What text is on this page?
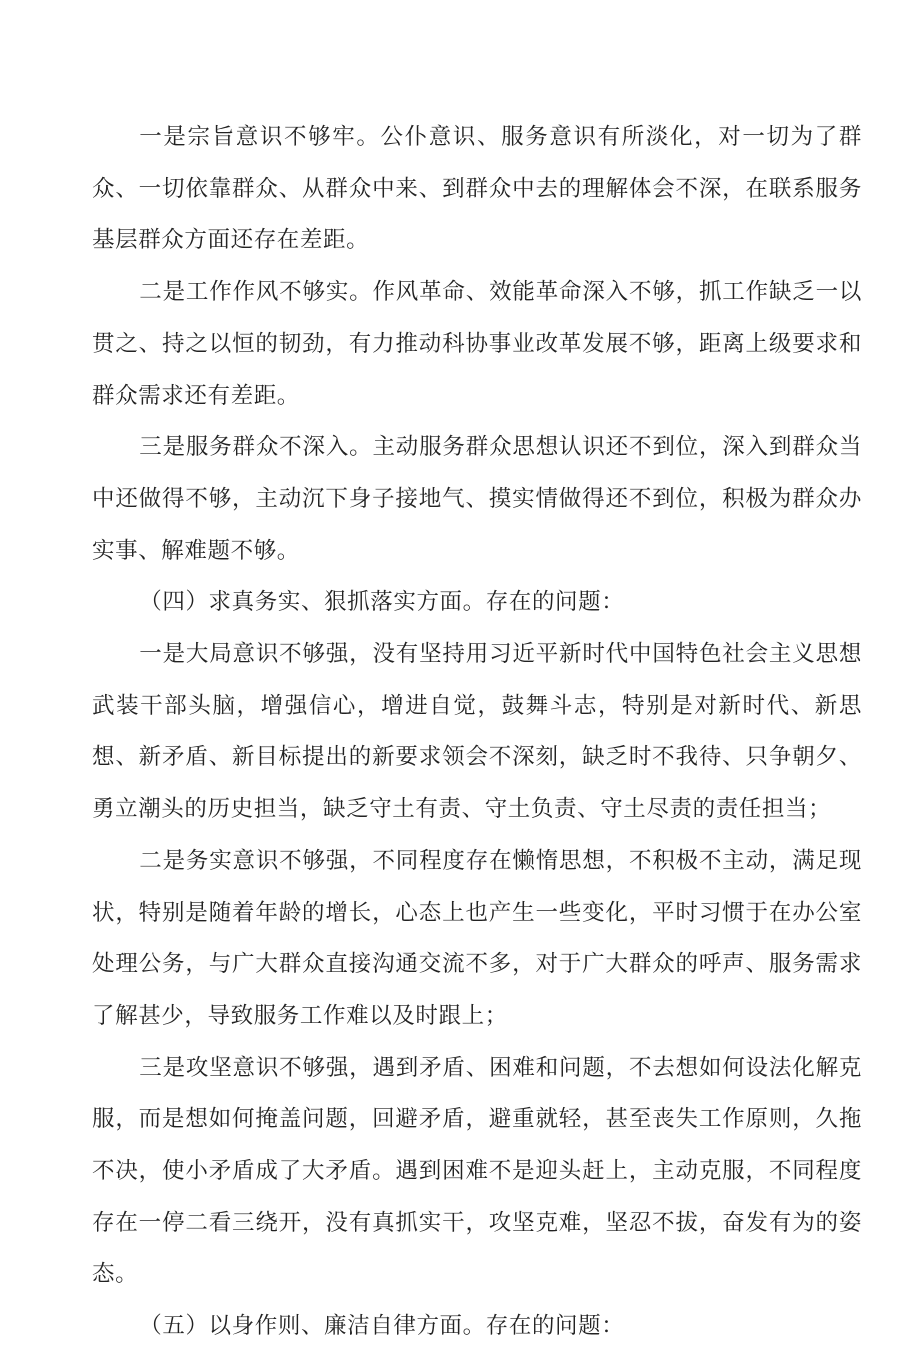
一是宗旨意识不够牢。公仆意识、服务意识有所淡化，对一切为了群众、一切依靠群众、从群众中来、到群众中去的理解体会不深，在联系服务基层群众方面还存在差距。

二是工作作风不够实。作风革命、效能革命深入不够，抓工作缺乏一以贯之、持之以恒的韧劲，有力推动科协事业改革发展不够，距离上级要求和群众需求还有差距。

三是服务群众不深入。主动服务群众思想认识还不到位，深入到群众当中还做得不够，主动沉下身子接地气、摸实情做得还不到位，积极为群众办实事、解难题不够。

（四）求真务实、狠抓落实方面。存在的问题：

一是大局意识不够强，没有坚持用习近平新时代中国特色社会主义思想武装干部头脑，增强信心，增进自觉，鼓舞斗志，特别是对新时代、新思想、新矛盾、新目标提出的新要求领会不深刻，缺乏时不我待、只争朝夕、勇立潮头的历史担当，缺乏守土有责、守土负责、守土尽责的责任担当；

二是务实意识不够强，不同程度存在懒惰思想，不积极不主动，满足现状，特别是随着年龄的增长，心态上也产生一些变化，平时习惯于在办公室处理公务，与广大群众直接沟通交流不多，对于广大群众的呼声、服务需求了解甚少，导致服务工作难以及时跟上；

三是攻坚意识不够强，遇到矛盾、困难和问题，不去想如何设法化解克服，而是想如何掩盖问题，回避矛盾，避重就轻，甚至丧失工作原则，久拖不决，使小矛盾成了大矛盾。遇到困难不是迎头赶上，主动克服，不同程度存在一停二看三绕开，没有真抓实干，攻坚克难，坚忍不拔，奋发有为的姿态。

（五）以身作则、廉洁自律方面。存在的问题：
